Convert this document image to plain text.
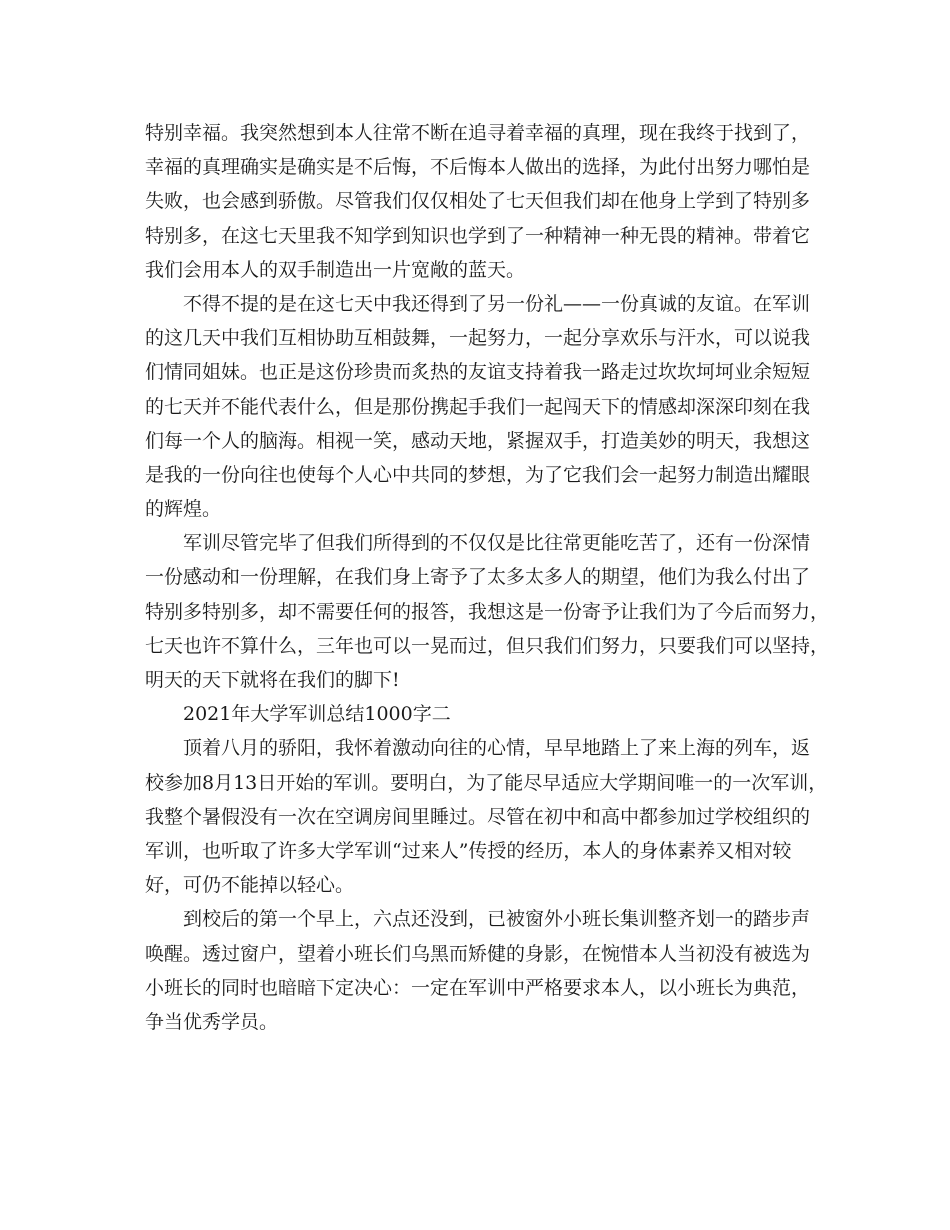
特别幸福。我突然想到本人往常不断在追寻着幸福的真理，现在我终于找到了，
幸福的真理确实是确实是不后悔，不后悔本人做出的选择，为此付出努力哪怕是
失败，也会感到骄傲。尽管我们仅仅相处了七天但我们却在他身上学到了特别多
特别多，在这七天里我不知学到知识也学到了一种精神一种无畏的精神。带着它
我们会用本人的双手制造出一片宽敞的蓝天。
不得不提的是在这七天中我还得到了另一份礼——一份真诚的友谊。在军训
的这几天中我们互相协助互相鼓舞，一起努力，一起分享欢乐与汗水，可以说我
们情同姐妹。也正是这份珍贵而炙热的友谊支持着我一路走过坎坎坷坷业余短短
的七天并不能代表什么，但是那份携起手我们一起闯天下的情感却深深印刻在我
们每一个人的脑海。相视一笑，感动天地，紧握双手，打造美妙的明天，我想这
是我的一份向往也使每个人心中共同的梦想，为了它我们会一起努力制造出耀眼
的辉煌。
军训尽管完毕了但我们所得到的不仅仅是比往常更能吃苦了，还有一份深情
一份感动和一份理解，在我们身上寄予了太多太多人的期望，他们为我么付出了
特别多特别多，却不需要任何的报答，我想这是一份寄予让我们为了今后而努力，
七天也许不算什么，三年也可以一晃而过，但只我们们努力，只要我们可以坚持，
明天的天下就将在我们的脚下!
2021年大学军训总结1000字二
顶着八月的骄阳，我怀着激动向往的心情，早早地踏上了来上海的列车，返
校参加8月13日开始的军训。要明白，为了能尽早适应大学期间唯一的一次军训，
我整个暑假没有一次在空调房间里睡过。尽管在初中和高中都参加过学校组织的
军训，也听取了许多大学军训“过来人”传授的经历，本人的身体素养又相对较
好，可仍不能掉以轻心。
到校后的第一个早上，六点还没到，已被窗外小班长集训整齐划一的踏步声
唤醒。透过窗户，望着小班长们乌黑而矫健的身影，在惋惜本人当初没有被选为
小班长的同时也暗暗下定决心：一定在军训中严格要求本人，以小班长为典范，
争当优秀学员。
